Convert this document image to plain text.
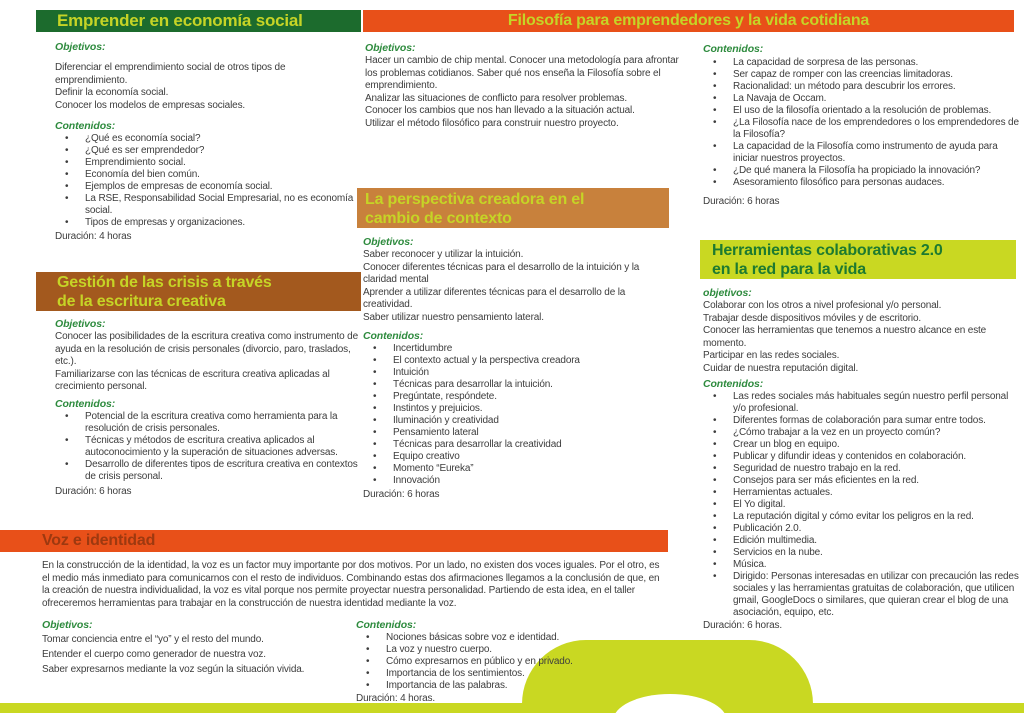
Emprender en economía social
Objetivos:
Diferenciar el emprendimiento social de otros tipos de emprendimiento.
Definir la economía social.
Conocer los modelos de empresas sociales.
Contenidos:
• ¿Qué es economía social?
• ¿Qué es ser emprendedor?
• Emprendimiento social.
• Economía del bien común.
• Ejemplos de empresas de economía social.
• La RSE, Responsabilidad Social Empresarial, no es economía social.
• Tipos de empresas y organizaciones.
Duración: 4 horas
Filosofía para emprendedores y la vida cotidiana
Objetivos:
Hacer un cambio de chip mental. Conocer una metodología para afrontar los problemas cotidianos. Saber qué nos enseña la Filosofía sobre el emprendimiento.
Analizar las situaciones de conflicto para resolver problemas.
Conocer los cambios que nos han llevado a la situación actual.
Utilizar el método filosófico para construir nuestro proyecto.
Contenidos:
• La capacidad de sorpresa de las personas.
• Ser capaz de romper con las creencias limitadoras.
• Racionalidad: un método para descubrir los errores.
• La Navaja de Occam.
• El uso de la filosofía orientado a la resolución de problemas.
• ¿La Filosofía nace de los emprendedores o los emprendedores de la Filosofía?
• La capacidad de la Filosofía como instrumento de ayuda para iniciar nuestros proyectos.
• ¿De qué manera la Filosofía ha propiciado la innovación?
• Asesoramiento filosófico para personas audaces.
Duración: 6 horas
Gestión de las crisis a través
de la escritura creativa
Objetivos:
Conocer las posibilidades de la escritura creativa como instrumento de ayuda en la resolución de crisis personales (divorcio, paro, traslados, etc.).
Familiarizarse con las técnicas de escritura creativa aplicadas al crecimiento personal.
Contenidos:
• Potencial de la escritura creativa como herramienta para la resolución de crisis personales.
• Técnicas y métodos de escritura creativa aplicados al autoconocimiento y la superación de situaciones adversas.
• Desarrollo de diferentes tipos de escritura creativa en contextos de crisis personal.
Duración: 6 horas
La perspectiva creadora en el
cambio de contexto
Objetivos:
Saber reconocer y utilizar la intuición.
Conocer diferentes técnicas para el desarrollo de la intuición y la claridad mental
Aprender a utilizar diferentes técnicas para el desarrollo de la creatividad.
Saber utilizar nuestro pensamiento lateral.
Contenidos:
• Incertidumbre
• El contexto actual y la perspectiva creadora
• Intuición
• Técnicas para desarrollar la intuición.
• Pregúntate, respóndete.
• Instintos y prejuicios.
• Iluminación y creatividad
• Pensamiento lateral
• Técnicas para desarrollar la creatividad
• Equipo creativo
• Momento “Eureka”
• Innovación
Duración: 6 horas
Herramientas colaborativas 2.0
en la red para la vida
objetivos:
Colaborar con los otros a nivel profesional y/o personal.
Trabajar desde dispositivos móviles y de escritorio.
Conocer las herramientas que tenemos a nuestro alcance en este momento.
Participar en las redes sociales.
Cuidar de nuestra reputación digital.
Contenidos:
• Las redes sociales más habituales según nuestro perfil personal y/o profesional.
• Diferentes formas de colaboración para sumar entre todos.
• ¿Cómo trabajar a la vez en un proyecto común?
• Crear un blog en equipo.
• Publicar y difundir ideas y contenidos en colaboración.
• Seguridad de nuestro trabajo en la red.
• Consejos para ser más eficientes en la red.
• Herramientas actuales.
• El Yo digital.
• La reputación digital y cómo evitar los peligros en la red.
• Publicación 2.0.
• Edición multimedia.
• Servicios en la nube.
• Música.
• Dirigido: Personas interesadas en utilizar con precaución las redes sociales y las herramientas gratuitas de colaboración, que utilicen gmail, GoogleDocs o similares, que quieran crear el blog de una asociación, equipo, etc.
Duración: 6 horas.
Voz e identidad
En la construcción de la identidad, la voz es un factor muy importante por dos motivos. Por un lado, no existen dos voces iguales. Por el otro, es el medio más inmediato para comunicarnos con el resto de individuos. Combinando estas dos afirmaciones llegamos a la conclusión de que, en la creación de nuestra individualidad, la voz es vital porque nos permite proyectar nuestra personalidad. Partiendo de esta idea, en el taller ofreceremos herramientas para trabajar en la construcción de nuestra identidad mediante la voz.
Objetivos:
Tomar conciencia entre el “yo” y el resto del mundo.
Entender el cuerpo como generador de nuestra voz.
Saber expresarnos mediante la voz según la situación vivida.
Contenidos:
• Nociones básicas sobre voz e identidad.
• La voz y nuestro cuerpo.
• Cómo expresarnos en público y en privado.
• Importancia de los sentimientos.
• Importancia de las palabras.
Duración: 4 horas.
